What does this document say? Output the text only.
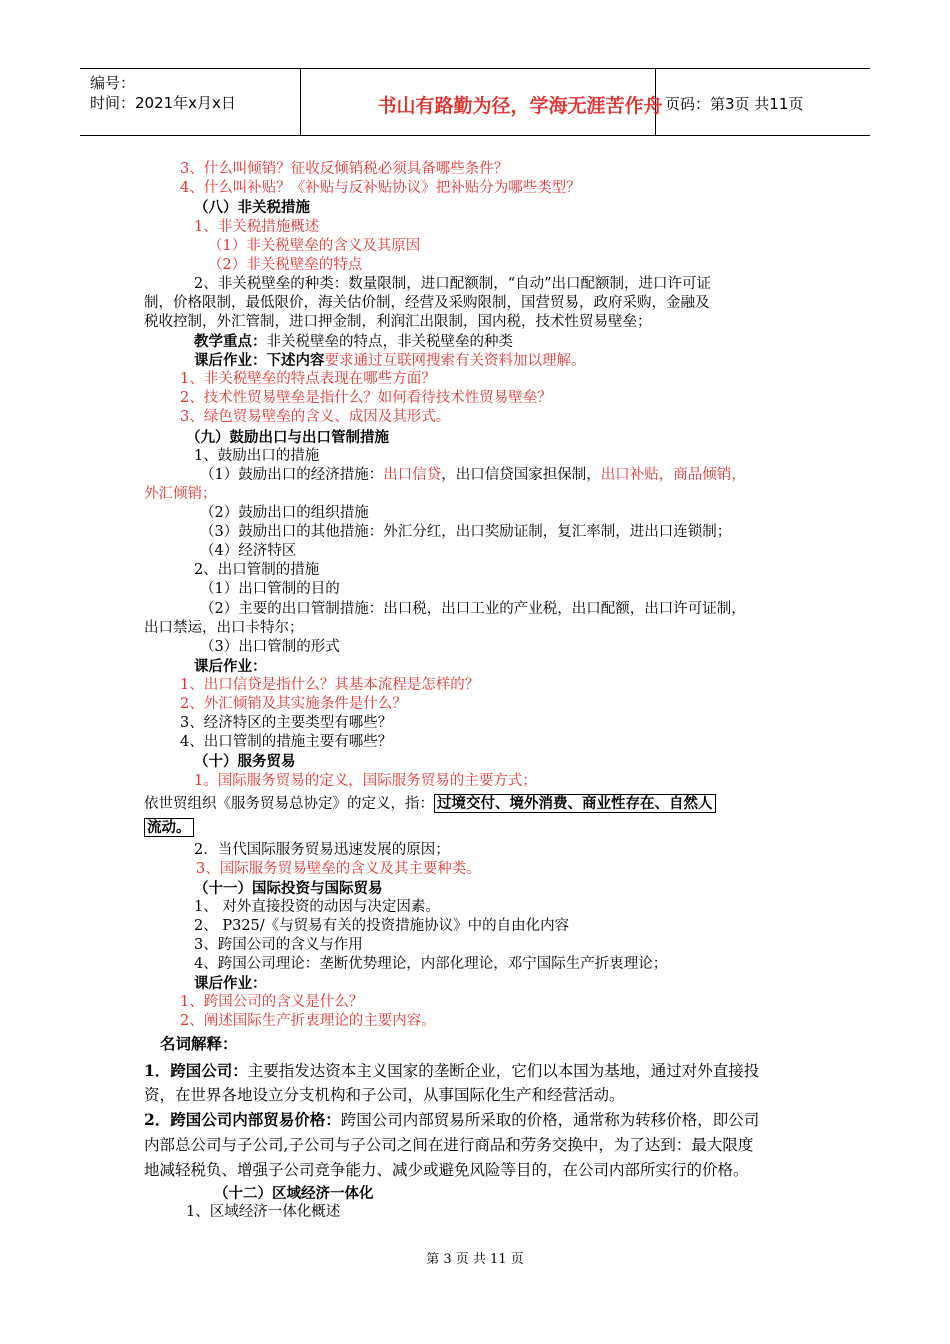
编号：
时间：2021年x月x日	书山有路勤为径，学海无涯苦作舟 页码：第3页 共11页
3、什么叫倾销？征收反倾销税必须具备哪些条件？
4、什么叫补贴？《补贴与反补贴协议》把补贴分为哪些类型？
（八）非关税措施
1、非关税措施概述
（1）非关税壁垒的含义及其原因
（2）非关税壁垒的特点
2、非关税壁垒的种类：数量限制，进口配额制，“自动”出口配额制，进口许可证
制，价格限制，最低限价，海关估价制，经营及采购限制，国营贸易，政府采购，金融及
税收控制，外汇管制，进口押金制，利润汇出限制，国内税，技术性贸易壁垒；
教学重点：非关税壁垒的特点，非关税壁垒的种类
课后作业：下述内容要求通过互联网搜索有关资料加以理解。
1、非关税壁垒的特点表现在哪些方面？
2、技术性贸易壁垒是指什么？如何看待技术性贸易壁垒？
3、绿色贸易壁垒的含义、成因及其形式。
（九）鼓励出口与出口管制措施
1、鼓励出口的措施
（1）鼓励出口的经济措施：出口信贷，出口信贷国家担保制，出口补贴，商品倾销，
外汇倾销；
（2）鼓励出口的组织措施
（3）鼓励出口的其他措施：外汇分红，出口奖励证制，复汇率制，进出口连锁制；
（4）经济特区
2、出口管制的措施
（1）出口管制的目的
（2）主要的出口管制措施：出口税，出口工业的产业税，出口配额，出口许可证制，
出口禁运，出口卡特尔；
（3）出口管制的形式
课后作业：
1、出口信贷是指什么？其基本流程是怎样的？
2、外汇倾销及其实施条件是什么？
3、经济特区的主要类型有哪些？
4、出口管制的措施主要有哪些？
（十）服务贸易
1。国际服务贸易的定义，国际服务贸易的主要方式；
依世贸组织《服务贸易总协定》的定义，指： 过境交付、境外消费、商业性存在、自然人
流动。
2．当代国际服务贸易迅速发展的原因；
3、国际服务贸易壁垒的含义及其主要种类。
（十一）国际投资与国际贸易
1、 对外直接投资的动因与决定因素。
2、 P325/《与贸易有关的投资措施协议》中的自由化内容
3、跨国公司的含义与作用
4、跨国公司理论：垄断优势理论，内部化理论，邓宁国际生产折衷理论；
课后作业：
1、跨国公司的含义是什么？
2、阐述国际生产折衷理论的主要内容。
名词解释：
1．跨国公司：主要指发达资本主义国家的垄断企业，它们以本国为基地，通过对外直接投
资，在世界各地设立分支机构和子公司，从事国际化生产和经营活动。
2．跨国公司内部贸易价格：跨国公司内部贸易所采取的价格，通常称为转移价格，即公司
内部总公司与子公司,子公司与子公司之间在进行商品和劳务交换中，为了达到：最大限度
地减轻税负、增强子公司竞争能力、减少或避免风险等目的，在公司内部所实行的价格。
（十二）区域经济一体化
1、区域经济一体化概述
第 3 页 共 11 页
